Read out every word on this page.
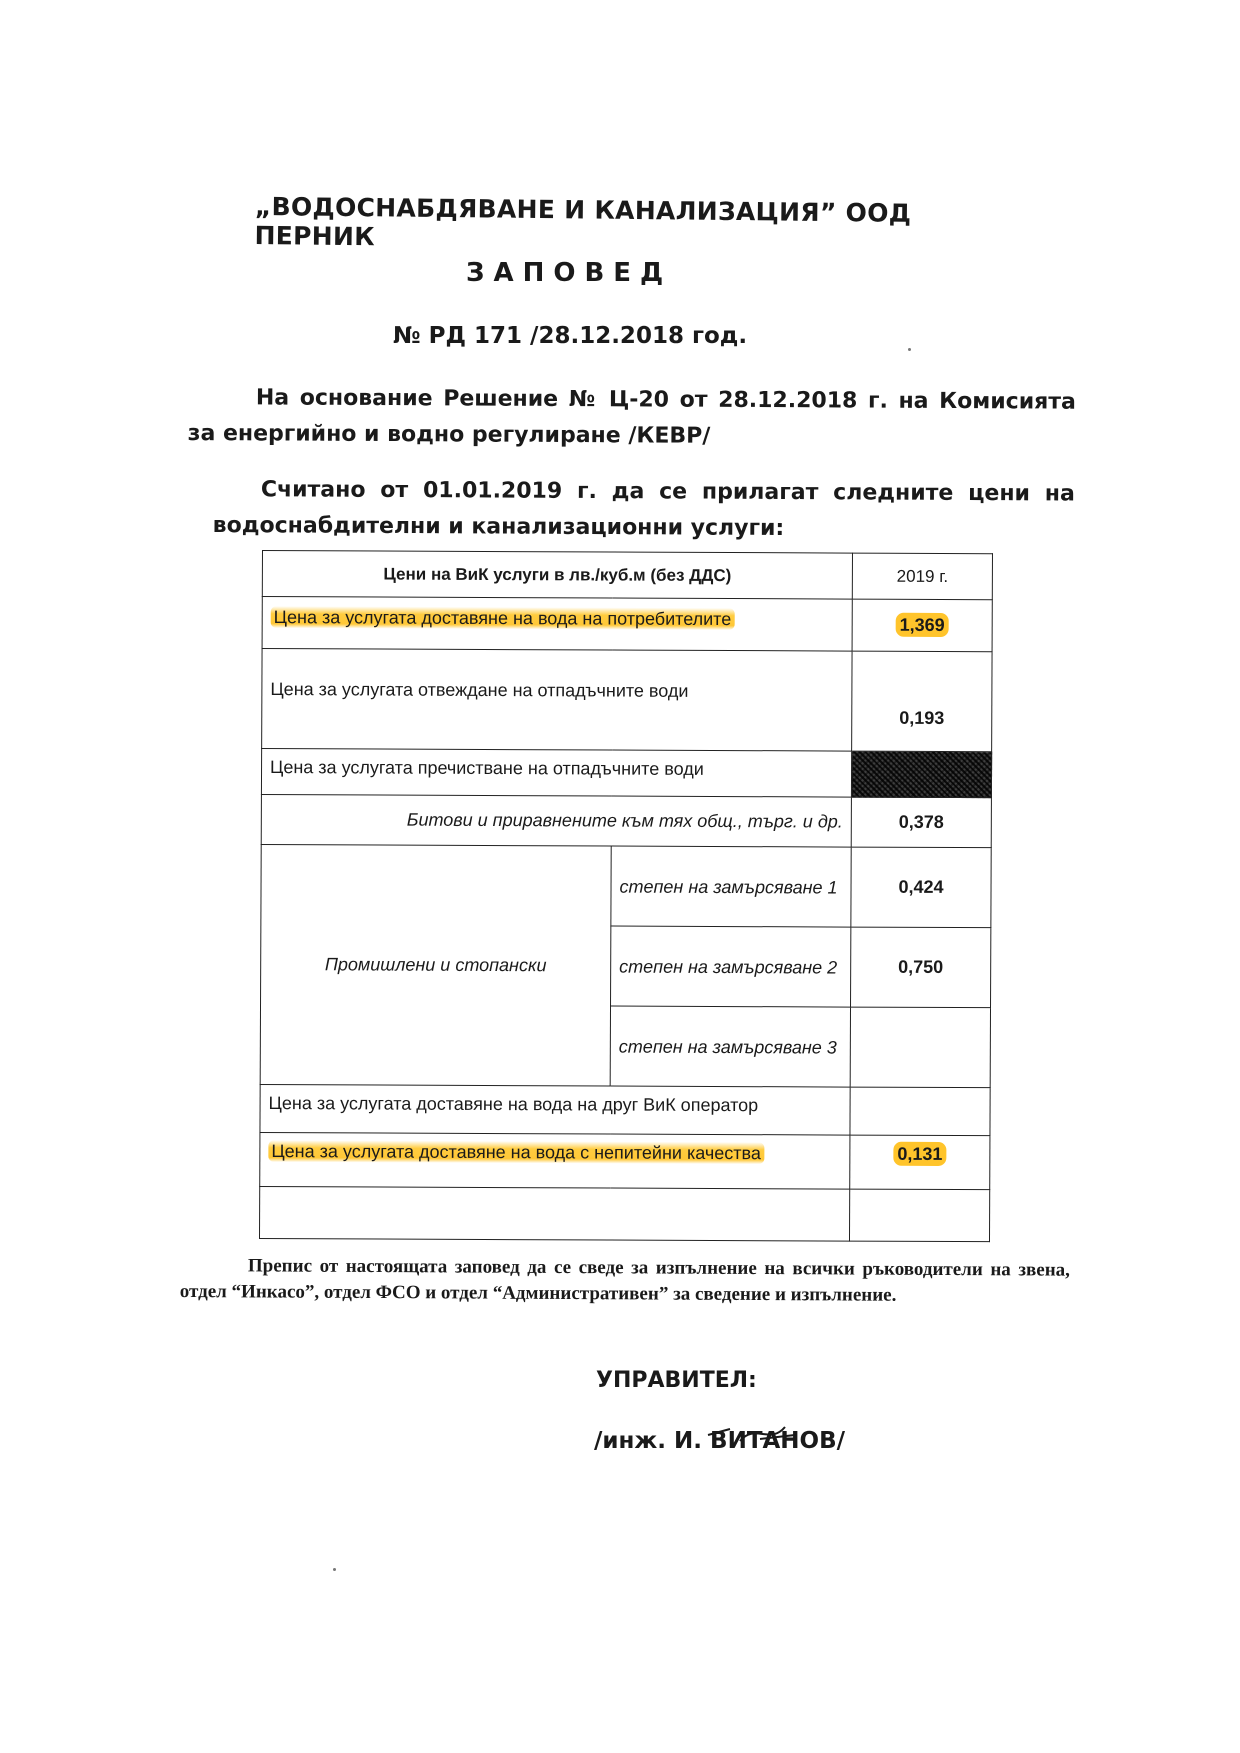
„ВОДОСНАБДЯВАНЕ И КАНАЛИЗАЦИЯ” ООД ПЕРНИК
ЗАПОВЕД
№ РД 171 /28.12.2018 год.
На основание Решение № Ц-20 от 28.12.2018 г. на Комисията за енергийно и водно регулиране /КЕВР/
Считано от 01.01.2019 г. да се прилагат следните цени на водоснабдителни и канализационни услуги:
Цени на ВиК услуги в лв./куб.м (без ДДС)		2019 г.
Цена за услугата доставяне на вода на потребителите		1,369
Цена за услугата отвеждане на отпадъчните води		0,193
Цена за услугата пречистване на отпадъчните води		
Битови и приравнените към тях общ., търг. и др.		0,378
Промишлени и стопански	степен на замърсяване 1	0,424
	степен на замърсяване 2	0,750
	степен на замърсяване 3	
Цена за услугата доставяне на вода на друг ВиК оператор		
Цена за услугата доставяне на вода с непитейни качества		0,131

Препис от настоящата заповед да се сведе за изпълнение на всички ръководители на звена, отдел “Инкасо”, отдел ФСО и отдел “Административен” за сведение и изпълнение.
УПРАВИТЕЛ:
/инж. И. ВИТАНОВ/
